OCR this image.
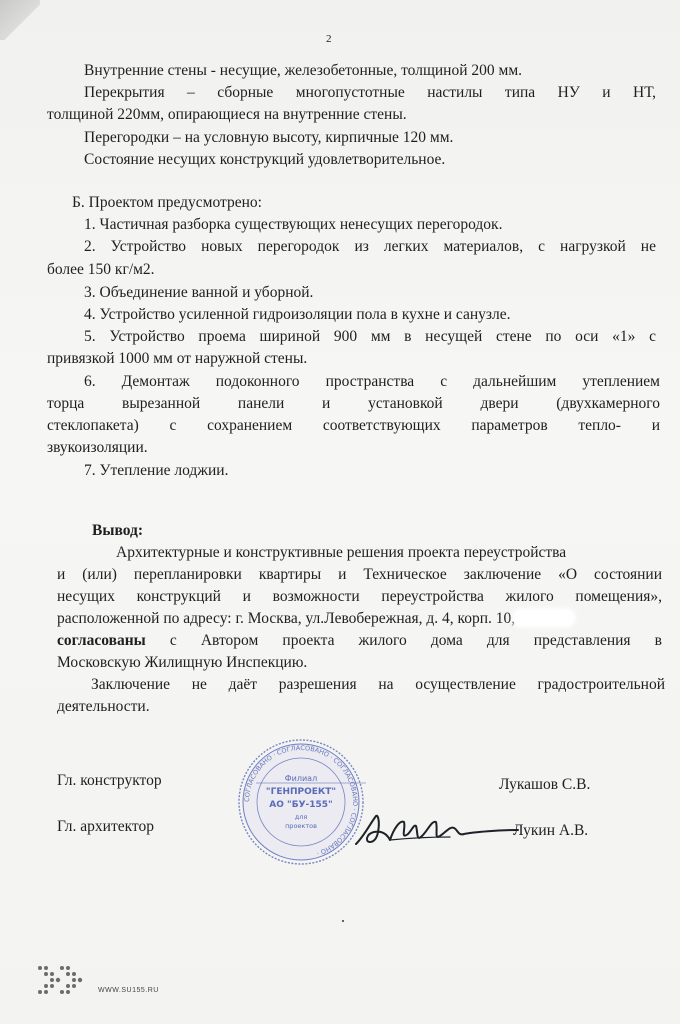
2
Внутренние стены - несущие, железобетонные, толщиной 200 мм.
Перекрытия – сборные многопустотные настилы типа НУ и НТ,
толщиной 220мм, опирающиеся на внутренние стены.
Перегородки – на условную высоту, кирпичные 120 мм.
Состояние несущих конструкций удовлетворительное.
Б. Проектом предусмотрено:
1. Частичная разборка существующих ненесущих перегородок.
2. Устройство новых перегородок из легких материалов, с нагрузкой не
более 150 кг/м2.
3. Объединение ванной и уборной.
4. Устройство усиленной гидроизоляции пола в кухне и санузле.
5. Устройство проема шириной 900 мм в несущей стене по оси «1» с
привязкой 1000 мм от наружной стены.
6. Демонтаж подоконного пространства с дальнейшим утеплением
торца вырезанной панели и установкой двери (двухкамерного
стеклопакета) с сохранением соответствующих параметров тепло- и
звукоизоляции.
7. Утепление лоджии.
Вывод:
Архитектурные и конструктивные решения проекта переустройства
и (или) перепланировки квартиры и Техническое заключение «О состоянии
несущих конструкций и возможности переустройства жилого помещения»,
расположенной по адресу: г. Москва, ул.Левобережная, д. 4, корп. 10,
согласованы с Автором проекта жилого дома для представления в
Московскую Жилищную Инспекцию.
Заключение не даёт разрешения на осуществление градостроительной
деятельности.
Гл. конструктор	Лукашов С.В.
Гл. архитектор	Лукин А.В.
СОГЛАСОВАНО · СОГЛАСОВАНО · СОГЛАСОВАНО · СОГЛАСОВАНО ·
Филиал
"ГЕНПРОЕКТ"
АО "БУ-155"
для
проектов
WWW.SU155.RU
